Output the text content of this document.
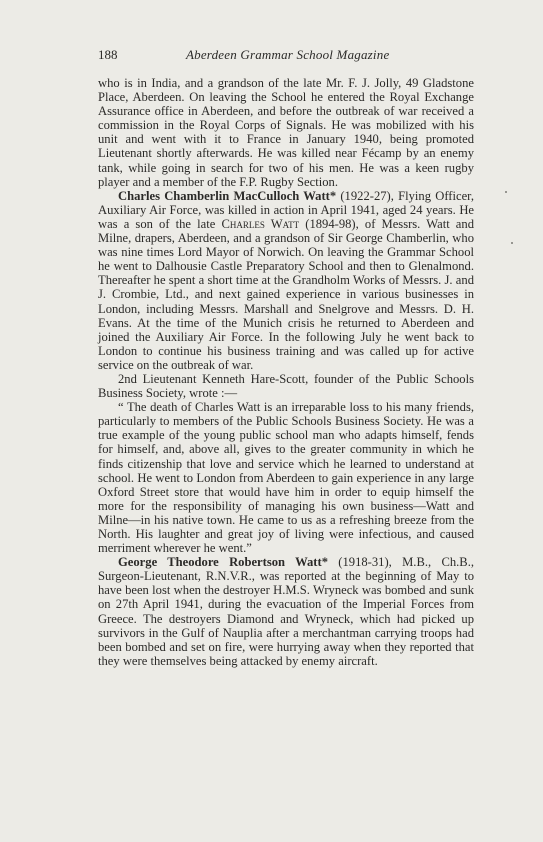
188	Aberdeen Grammar School Magazine

who is in India, and a grandson of the late Mr. F. J. Jolly, 49 Gladstone Place, Aberdeen. On leaving the School he entered the Royal Exchange Assurance office in Aberdeen, and before the outbreak of war received a commission in the Royal Corps of Signals. He was mobilized with his unit and went with it to France in January 1940, being promoted Lieutenant shortly afterwards. He was killed near Fécamp by an enemy tank, while going in search for two of his men. He was a keen rugby player and a member of the F.P. Rugby Section.

Charles Chamberlin MacCulloch Watt* (1922-27), Flying Officer, Auxiliary Air Force, was killed in action in April 1941, aged 24 years. He was a son of the late Charles Watt (1894-98), of Messrs. Watt and Milne, drapers, Aberdeen, and a grandson of Sir George Chamberlin, who was nine times Lord Mayor of Norwich. On leaving the Grammar School he went to Dalhousie Castle Preparatory School and then to Glenalmond. Thereafter he spent a short time at the Grandholm Works of Messrs. J. and J. Crombie, Ltd., and next gained experience in various businesses in London, including Messrs. Marshall and Snelgrove and Messrs. D. H. Evans. At the time of the Munich crisis he returned to Aberdeen and joined the Auxiliary Air Force. In the following July he went back to London to continue his business training and was called up for active service on the outbreak of war.

2nd Lieutenant Kenneth Hare-Scott, founder of the Public Schools Business Society, wrote :—

“ The death of Charles Watt is an irreparable loss to his many friends, particularly to members of the Public Schools Business Society. He was a true example of the young public school man who adapts himself, fends for himself, and, above all, gives to the greater community in which he finds citizenship that love and service which he learned to understand at school. He went to London from Aberdeen to gain experience in any large Oxford Street store that would have him in order to equip himself the more for the responsibility of managing his own business—Watt and Milne—in his native town. He came to us as a refreshing breeze from the North. His laughter and great joy of living were infectious, and caused merriment wherever he went.”

George Theodore Robertson Watt* (1918-31), M.B., Ch.B., Surgeon-Lieutenant, R.N.V.R., was reported at the beginning of May to have been lost when the destroyer H.M.S. Wryneck was bombed and sunk on 27th April 1941, during the evacuation of the Imperial Forces from Greece. The destroyers Diamond and Wryneck, which had picked up survivors in the Gulf of Nauplia after a merchantman carrying troops had been bombed and set on fire, were hurrying away when they reported that they were themselves being attacked by enemy aircraft.
